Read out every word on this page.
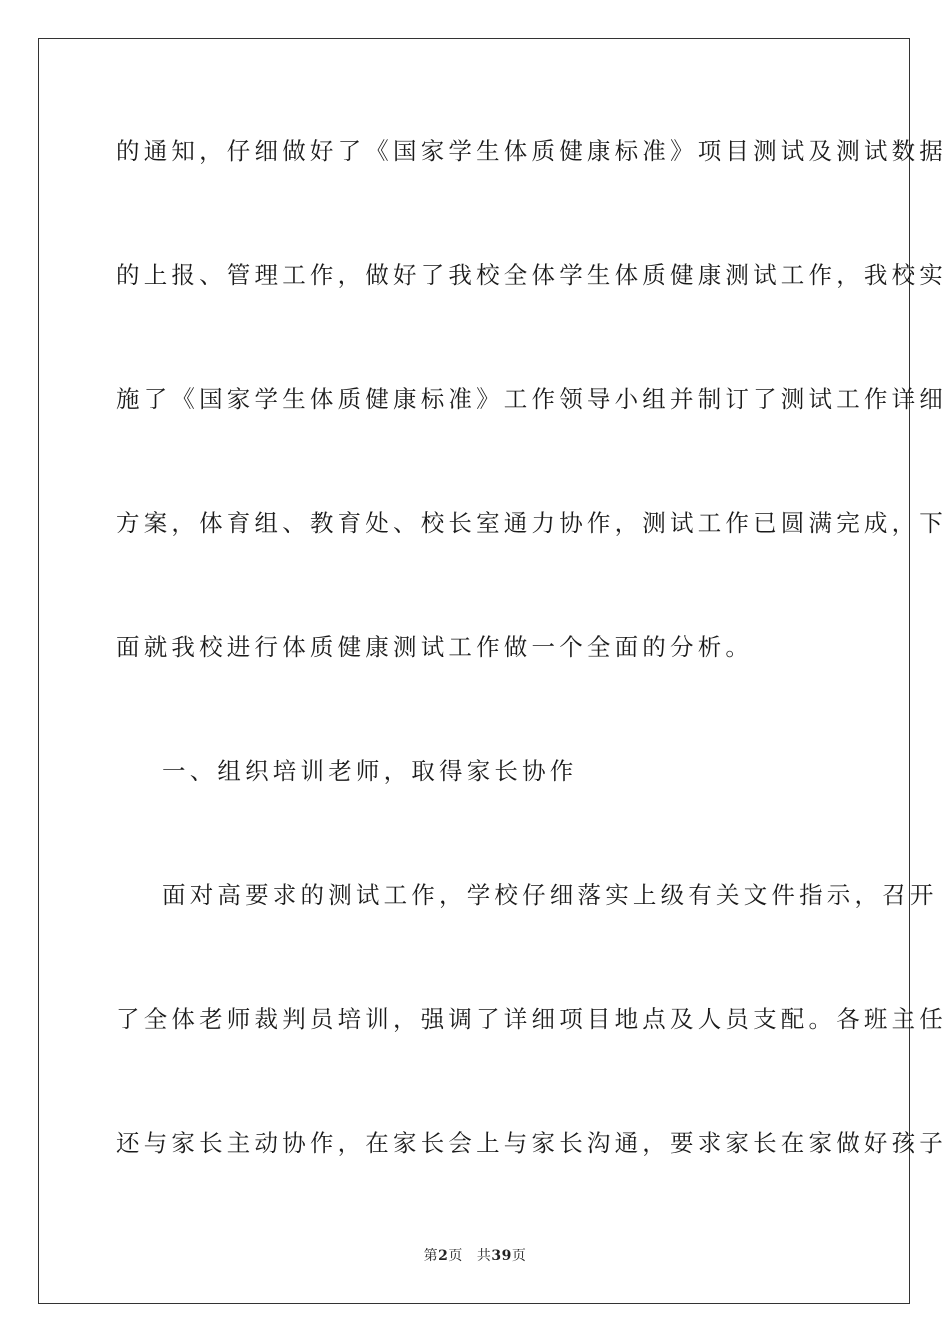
的通知，仔细做好了《国家学生体质健康标准》项目测试及测试数据
的上报、管理工作，做好了我校全体学生体质健康测试工作，我校实
施了《国家学生体质健康标准》工作领导小组并制订了测试工作详细
方案，体育组、教育处、校长室通力协作，测试工作已圆满完成，下
面就我校进行体质健康测试工作做一个全面的分析。
一、组织培训老师，取得家长协作
面对高要求的测试工作，学校仔细落实上级有关文件指示，召开
了全体老师裁判员培训，强调了详细项目地点及人员支配。各班主任
还与家长主动协作，在家长会上与家长沟通，要求家长在家做好孩子
第2页 共39页
